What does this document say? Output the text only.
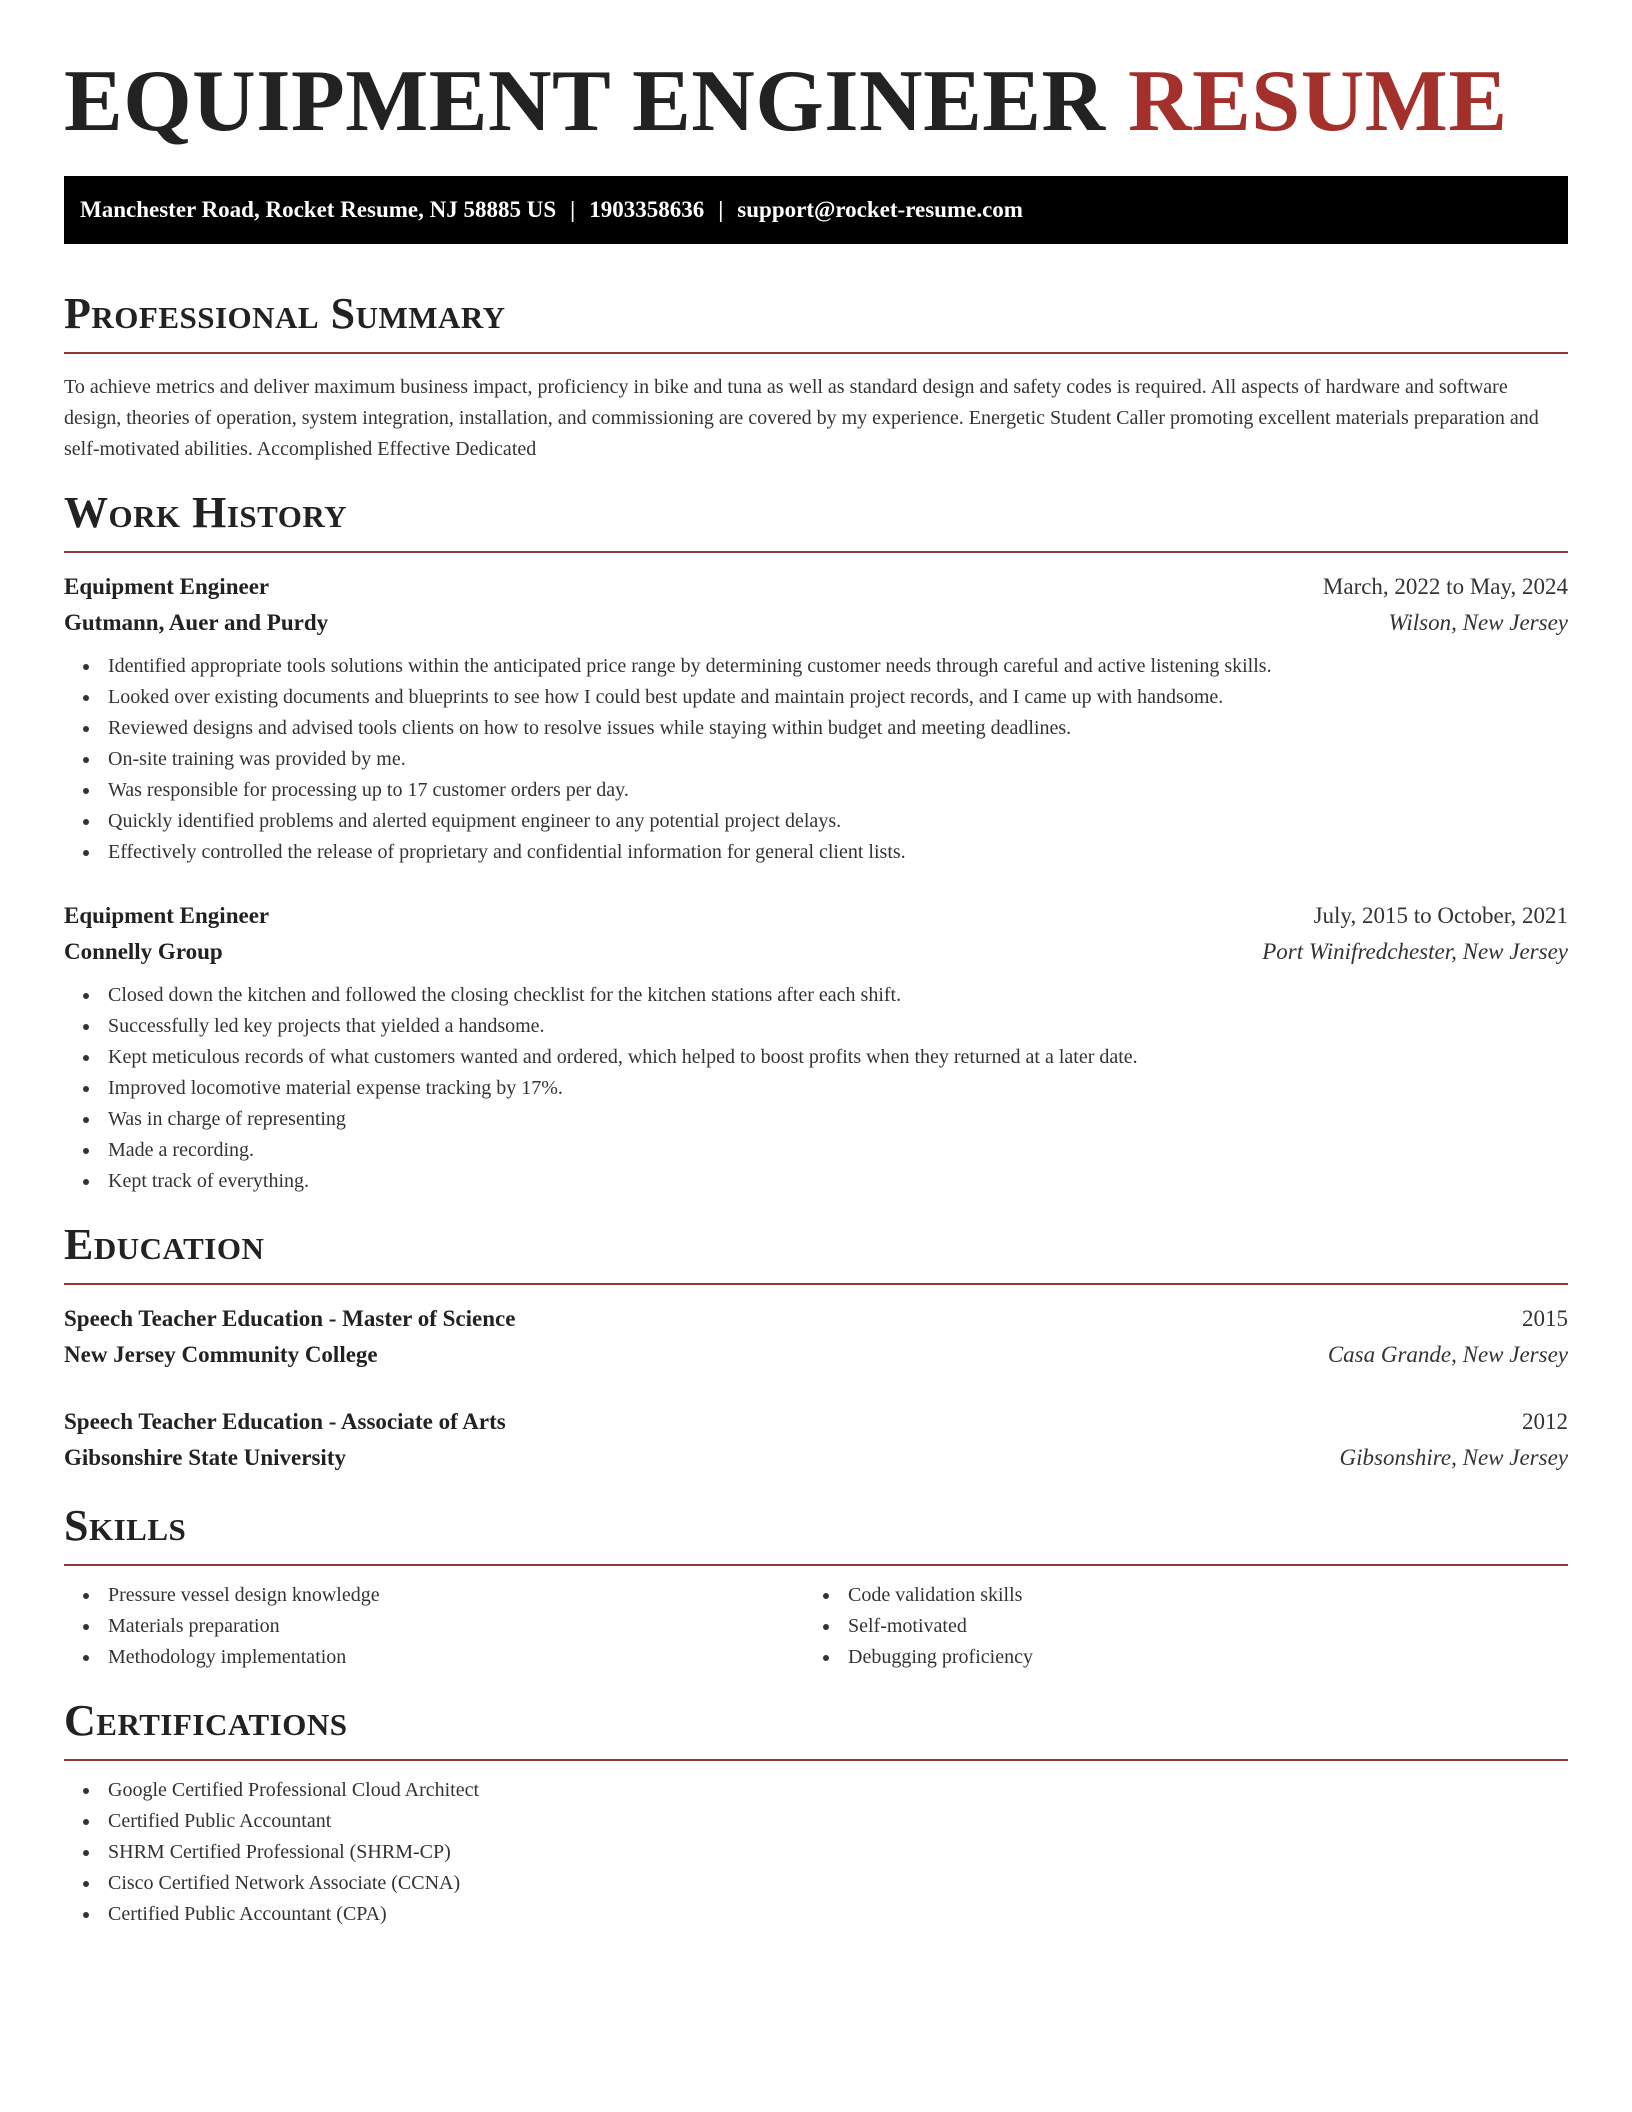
EQUIPMENT ENGINEER RESUME
Manchester Road, Rocket Resume, NJ 58885 US | 1903358636 | support@rocket-resume.com
Professional Summary

To achieve metrics and deliver maximum business impact, proficiency in bike and tuna as well as standard design and safety codes is required. All aspects of hardware and software design, theories of operation, system integration, installation, and commissioning are covered by my experience. Energetic Student Caller promoting excellent materials preparation and self-motivated abilities. Accomplished Effective Dedicated

Work History
Equipment Engineer	March, 2022 to May, 2024
Gutmann, Auer and Purdy	Wilson, New Jersey
Identified appropriate tools solutions within the anticipated price range by determining customer needs through careful and active listening skills.
Looked over existing documents and blueprints to see how I could best update and maintain project records, and I came up with handsome.
Reviewed designs and advised tools clients on how to resolve issues while staying within budget and meeting deadlines.
On-site training was provided by me.
Was responsible for processing up to 17 customer orders per day.
Quickly identified problems and alerted equipment engineer to any potential project delays.
Effectively controlled the release of proprietary and confidential information for general client lists.
Equipment Engineer	July, 2015 to October, 2021
Connelly Group	Port Winifredchester, New Jersey
Closed down the kitchen and followed the closing checklist for the kitchen stations after each shift.
Successfully led key projects that yielded a handsome.
Kept meticulous records of what customers wanted and ordered, which helped to boost profits when they returned at a later date.
Improved locomotive material expense tracking by 17%.
Was in charge of representing
Made a recording.
Kept track of everything.
Education
Speech Teacher Education - Master of Science	2015
New Jersey Community College	Casa Grande, New Jersey
Speech Teacher Education - Associate of Arts	2012
Gibsonshire State University	Gibsonshire, New Jersey
Skills
Pressure vessel design knowledge
Materials preparation
Methodology implementation
Code validation skills
Self-motivated
Debugging proficiency
Certifications
Google Certified Professional Cloud Architect
Certified Public Accountant
SHRM Certified Professional (SHRM-CP)
Cisco Certified Network Associate (CCNA)
Certified Public Accountant (CPA)
